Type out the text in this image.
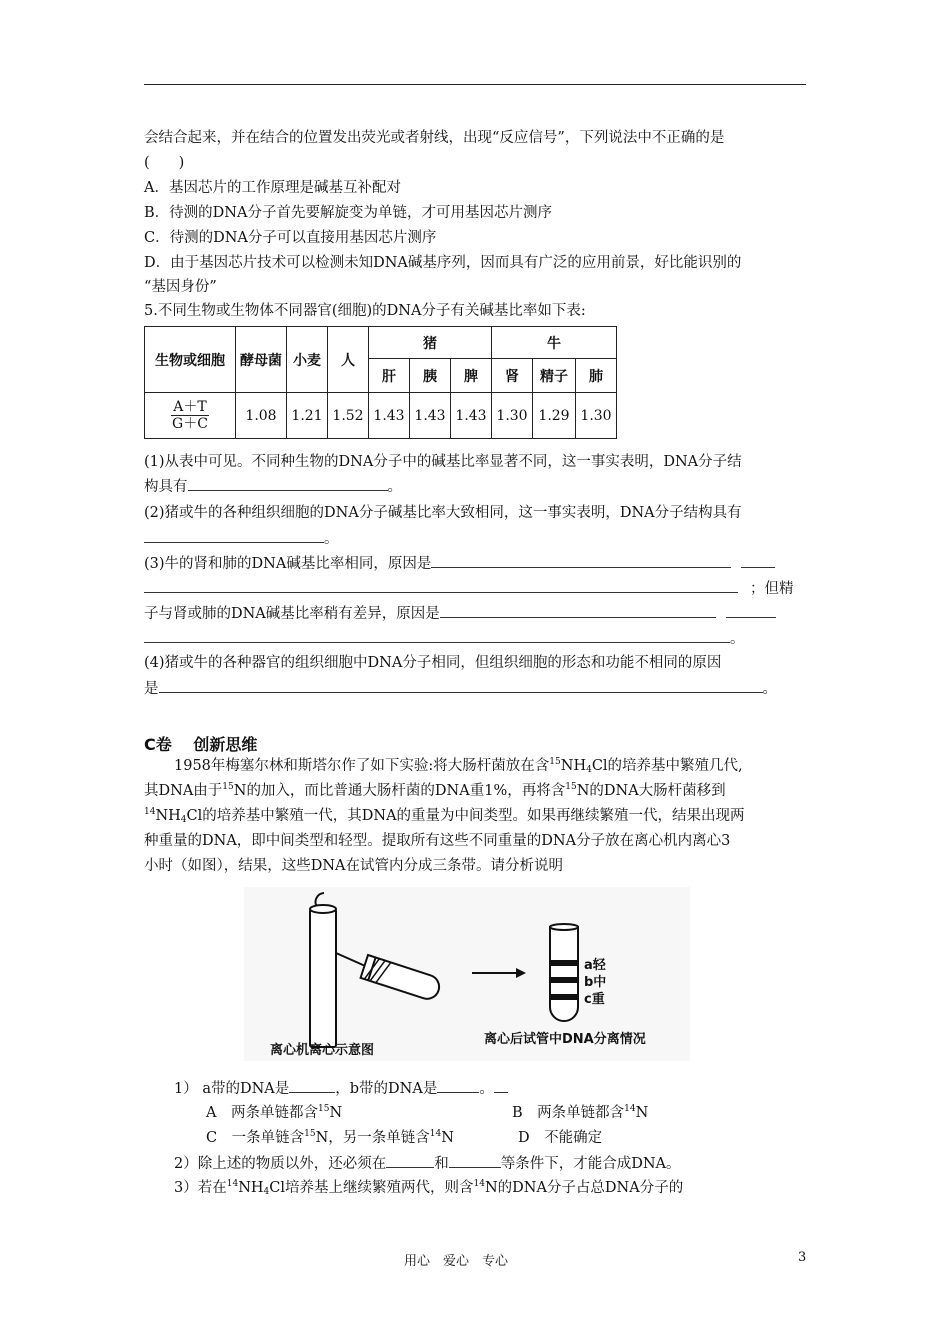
会结合起来，并在结合的位置发出荧光或者射线，出现“反应信号”，下列说法中不正确的是
(　　)
A．基因芯片的工作原理是碱基互补配对
B．待测的DNA分子首先要解旋变为单链，才可用基因芯片测序
C．待测的DNA分子可以直接用基因芯片测序
D．由于基因芯片技术可以检测未知DNA碱基序列，因而具有广泛的应用前景，好比能识别的
“基因身份”
5.不同生物或生物体不同器官(细胞)的DNA分子有关碱基比率如下表:
生物或细胞	酵母菌	小麦	人	猪			牛		
				肝	胰	脾	肾	精子	肺

$\frac{A+T}{G+C}$	1.08	1.21	1.52	1.43	1.43	1.43	1.30	1.29	1.30
(1)从表中可见。不同种生物的DNA分子中的碱基比率显著不同，这一事实表明，DNA分子结
构具有	。
(2)猪或牛的各种组织细胞的DNA分子碱基比率大致相同，这一事实表明，DNA分子结构具有
。
(3)牛的肾和肺的DNA碱基比率相同，原因是
；但精
子与肾或肺的DNA碱基比率稍有差异，原因是
。
(4)猪或牛的各种器官的组织细胞中DNA分子相同，但组织细胞的形态和功能不相同的原因
是	。
C卷　 创新思维
1958年梅塞尔林和斯塔尔作了如下实验:将大肠杆菌放在含$^{15}NH_4Cl$的培养基中繁殖几代,
其DNA由于$^{15}$N的加入，而比普通大肠杆菌的DNA重1%，再将含$^{15}$N的DNA大肠杆菌移到
$^{14}NH_4Cl$的培养基中繁殖一代，其DNA的重量为中间类型。如果再继续繁殖一代，结果出现两
种重量的DNA，即中间类型和轻型。提取所有这些不同重量的DNA分子放在离心机内离心3
小时（如图），结果，这些DNA在试管内分成三条带。请分析说明
a轻
b中
c重
离心机离心示意图
离心后试管中DNA分离情况
1） a带的DNA是	，b带的DNA是	。
A　两条单链都含$^{15}$N	B　两条单链都含$^{14}$N
C　一条单链含$^{15}$N，另一条单链含$^{14}$N	D　不能确定
2）除上述的物质以外，还必须在	和	等条件下，才能合成DNA。
3）若在$^{14}NH_4Cl$培养基上继续繁殖两代，则含$^{14}$N的DNA分子占总DNA分子的
用心　爱心　专心	3
